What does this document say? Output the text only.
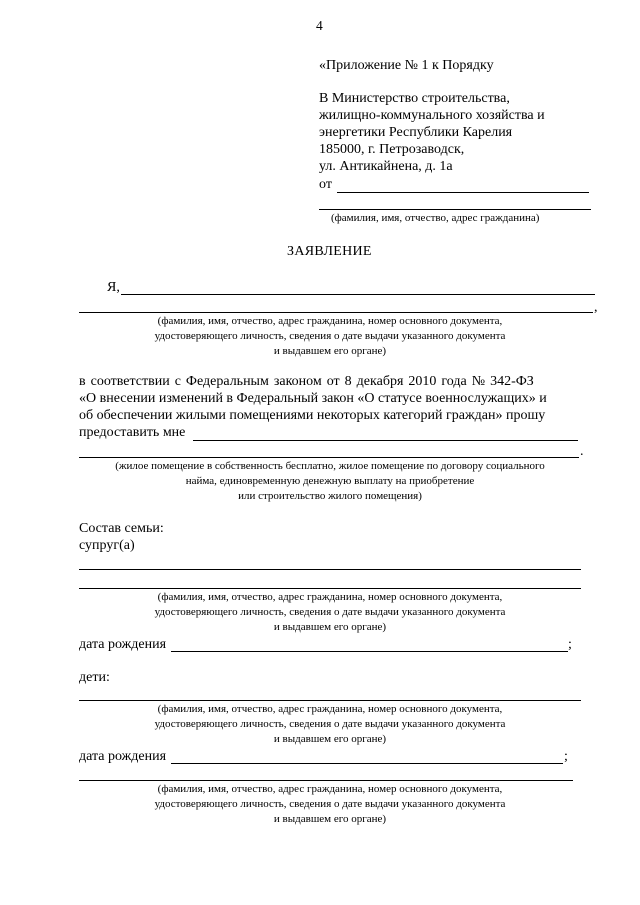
4
«Приложение № 1 к Порядку
В Министерство строительства,
жилищно-коммунального хозяйства и
энергетики Республики Карелия
185000, г. Петрозаводск,
ул. Антикайнена, д. 1а
от
(фамилия, имя, отчество, адрес гражданина)
ЗАЯВЛЕНИЕ
Я,
,
(фамилия, имя, отчество, адрес гражданина, номер основного документа,
удостоверяющего личность, сведения о дате выдачи указанного документа
и выдавшем его органе)
в соответствии с Федеральным законом от 8 декабря 2010 года № 342-ФЗ
«О внесении изменений в Федеральный закон «О статусе военнослужащих» и
об обеспечении жилыми помещениями некоторых категорий граждан» прошу
предоставить мне
.
(жилое помещение в собственность бесплатно, жилое помещение по договору социального
найма, единовременную денежную выплату на приобретение
или строительство жилого помещения)
Состав семьи:
супруг(а)
(фамилия, имя, отчество, адрес гражданина, номер основного документа,
удостоверяющего личность, сведения о дате выдачи указанного документа
и выдавшем его органе)
дата рождения	;
дети:
(фамилия, имя, отчество, адрес гражданина, номер основного документа,
удостоверяющего личность, сведения о дате выдачи указанного документа
и выдавшем его органе)
дата рождения	;
(фамилия, имя, отчество, адрес гражданина, номер основного документа,
удостоверяющего личность, сведения о дате выдачи указанного документа
и выдавшем его органе)
